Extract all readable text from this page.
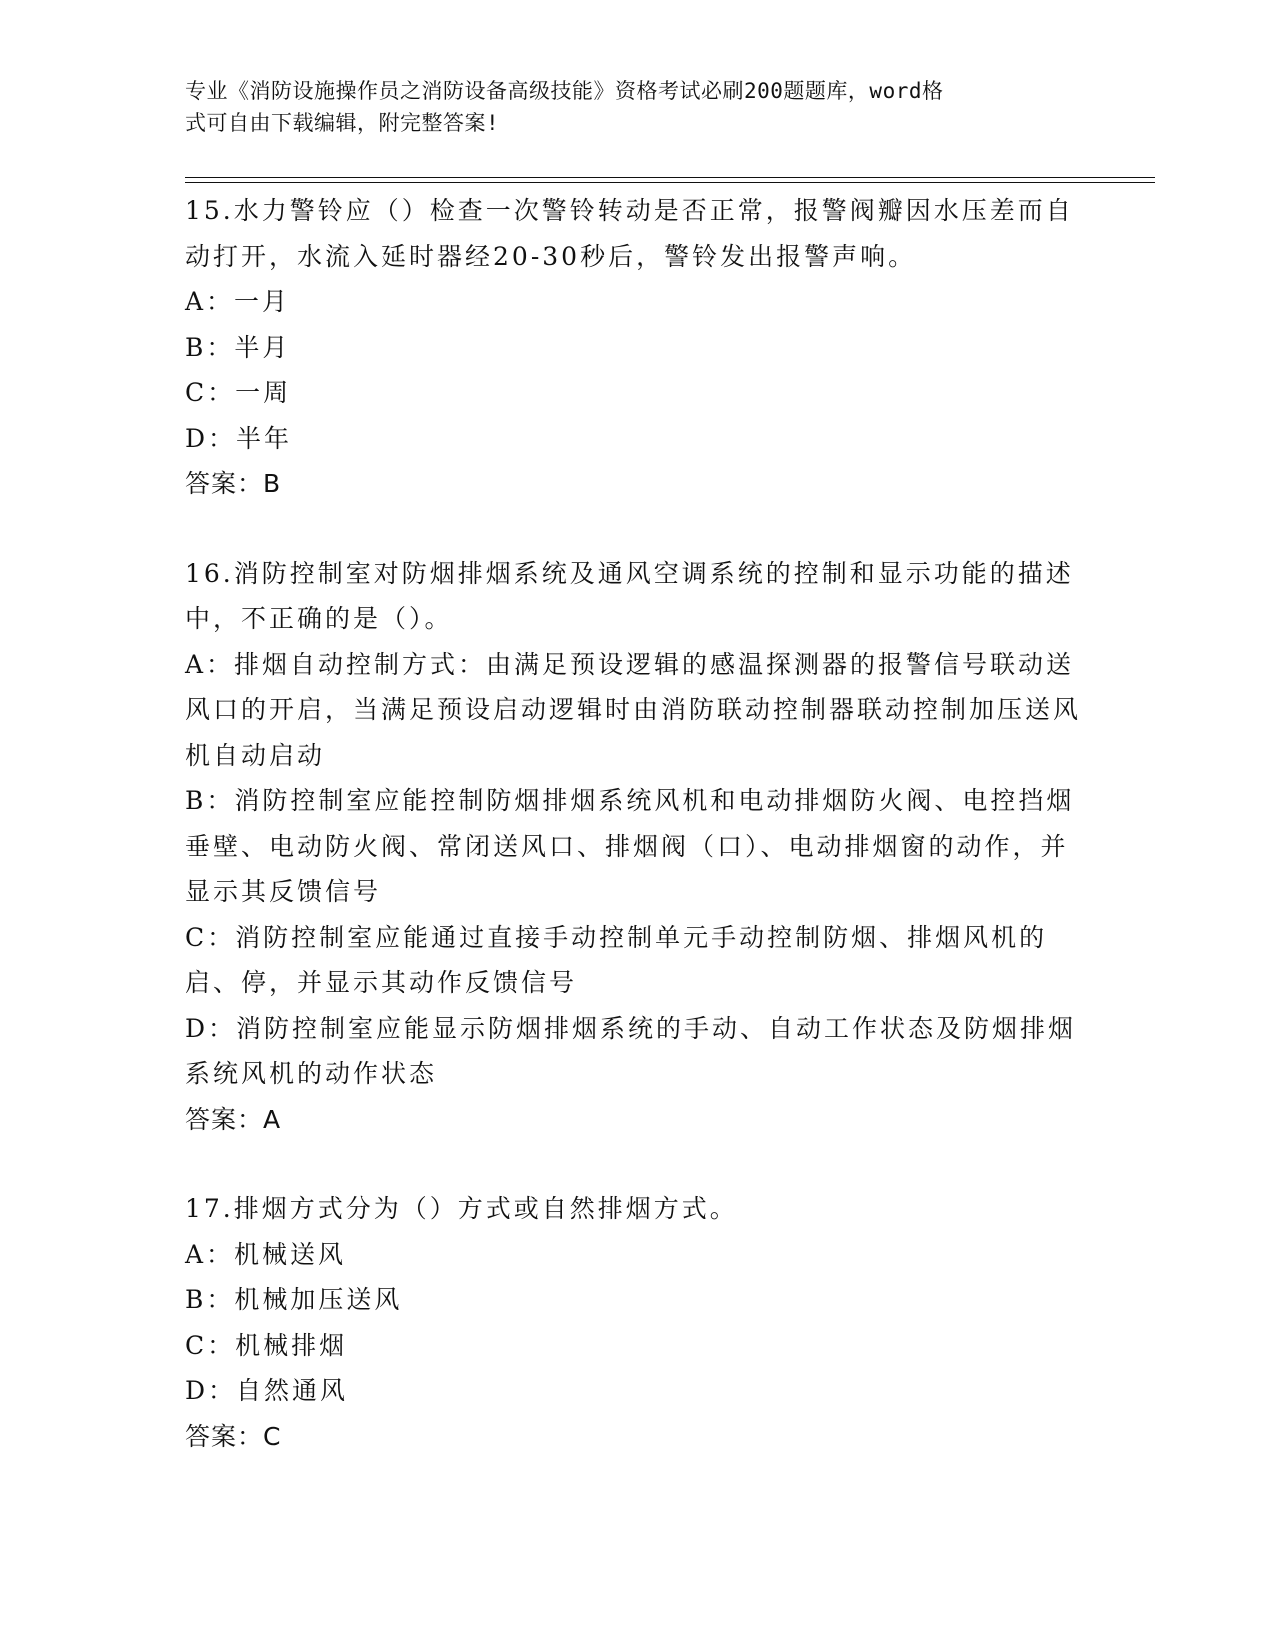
专业《消防设施操作员之消防设备高级技能》资格考试必刷200题题库，word格
式可自由下载编辑，附完整答案!

15.水力警铃应（）检查一次警铃转动是否正常，报警阀瓣因水压差而自动打开，水流入延时器经20-30秒后，警铃发出报警声响。

A：一月

B：半月

C：一周

D：半年

答案：B

16.消防控制室对防烟排烟系统及通风空调系统的控制和显示功能的描述中，不正确的是（）。

A：排烟自动控制方式：由满足预设逻辑的感温探测器的报警信号联动送风口的开启，当满足预设启动逻辑时由消防联动控制器联动控制加压送风机自动启动

B：消防控制室应能控制防烟排烟系统风机和电动排烟防火阀、电控挡烟垂壁、电动防火阀、常闭送风口、排烟阀（口）、电动排烟窗的动作，并显示其反馈信号

C：消防控制室应能通过直接手动控制单元手动控制防烟、排烟风机的启、停，并显示其动作反馈信号

D：消防控制室应能显示防烟排烟系统的手动、自动工作状态及防烟排烟系统风机的动作状态

答案：A

17.排烟方式分为（）方式或自然排烟方式。

A：机械送风

B：机械加压送风

C：机械排烟

D：自然通风

答案：C
